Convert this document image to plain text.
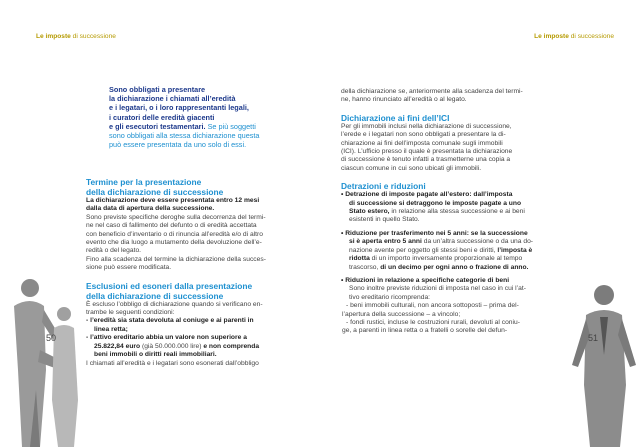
Le imposte di successione	Le imposte di successione
50	51
Sono obbligati a presentare
la dichiarazione i chiamati all’eredità
e i legatari, o i loro rappresentanti legali,
i curatori delle eredità giacenti
e gli esecutori testamentari. Se più soggetti
sono obbligati alla stessa dichiarazione questa
può essere presentata da uno solo di essi.

Termine per la presentazione

della dichiarazione di successione

La dichiarazione deve essere presentata entro 12 mesi

dalla data di apertura della successione.

Sono previste specifiche deroghe sulla decorrenza del termi-

ne nel caso di fallimento del defunto o di eredità accettata

con beneficio d’inventario o di rinuncia all’eredità e/o di altro

evento che dia luogo a mutamento della devoluzione dell’e-

redità o del legato.

Fino alla scadenza del termine la dichiarazione della succes-

sione può essere modificata.

Esclusioni ed esoneri dalla presentazione

della dichiarazione di successione

È escluso l’obbligo di dichiarazione quando si verificano en-

trambe le seguenti condizioni:

- l’eredità sia stata devoluta al coniuge e ai parenti in

linea retta;

- l’attivo ereditario abbia un valore non superiore a

25.822,84 euro (già 50.000.000 lire) e non comprenda

beni immobili o diritti reali immobiliari.

I chiamati all’eredità e i legatari sono esonerati dall’obbligo

della dichiarazione se, anteriormente alla scadenza del termi-

ne, hanno rinunciato all’eredità o al legato.

Dichiarazione ai fini dell’ICI

Per gli immobili inclusi nella dichiarazione di successione,

l’erede e i legatari non sono obbligati a presentare la di-

chiarazione ai fini dell’imposta comunale sugli immobili

(ICI). L’ufficio presso il quale è presentata la dichiarazione

di successione è tenuto infatti a trasmetterne una copia a

ciascun comune in cui sono ubicati gli immobili.

Detrazioni e riduzioni

• Detrazione di imposte pagate all’estero: dall’imposta

di successione si detraggono le imposte pagate a uno

Stato estero, in relazione alla stessa successione e ai beni

esistenti in quello Stato.

• Riduzione per trasferimento nei 5 anni: se la successione

si è aperta entro 5 anni da un’altra successione o da una do-

nazione avente per oggetto gli stessi beni e diritti, l’imposta è

ridotta di un importo inversamente proporzionale al tempo

trascorso, di un decimo per ogni anno o frazione di anno.

• Riduzioni in relazione a specifiche categorie di beni

Sono inoltre previste riduzioni di imposta nel caso in cui l’at-

tivo ereditario ricomprenda:

- beni immobili culturali, non ancora sottoposti – prima del-

l’apertura della successione – a vincolo;

- fondi rustici, incluse le costruzioni rurali, devoluti al coniu-

ge, a parenti in linea retta o a fratelli o sorelle del defun-
